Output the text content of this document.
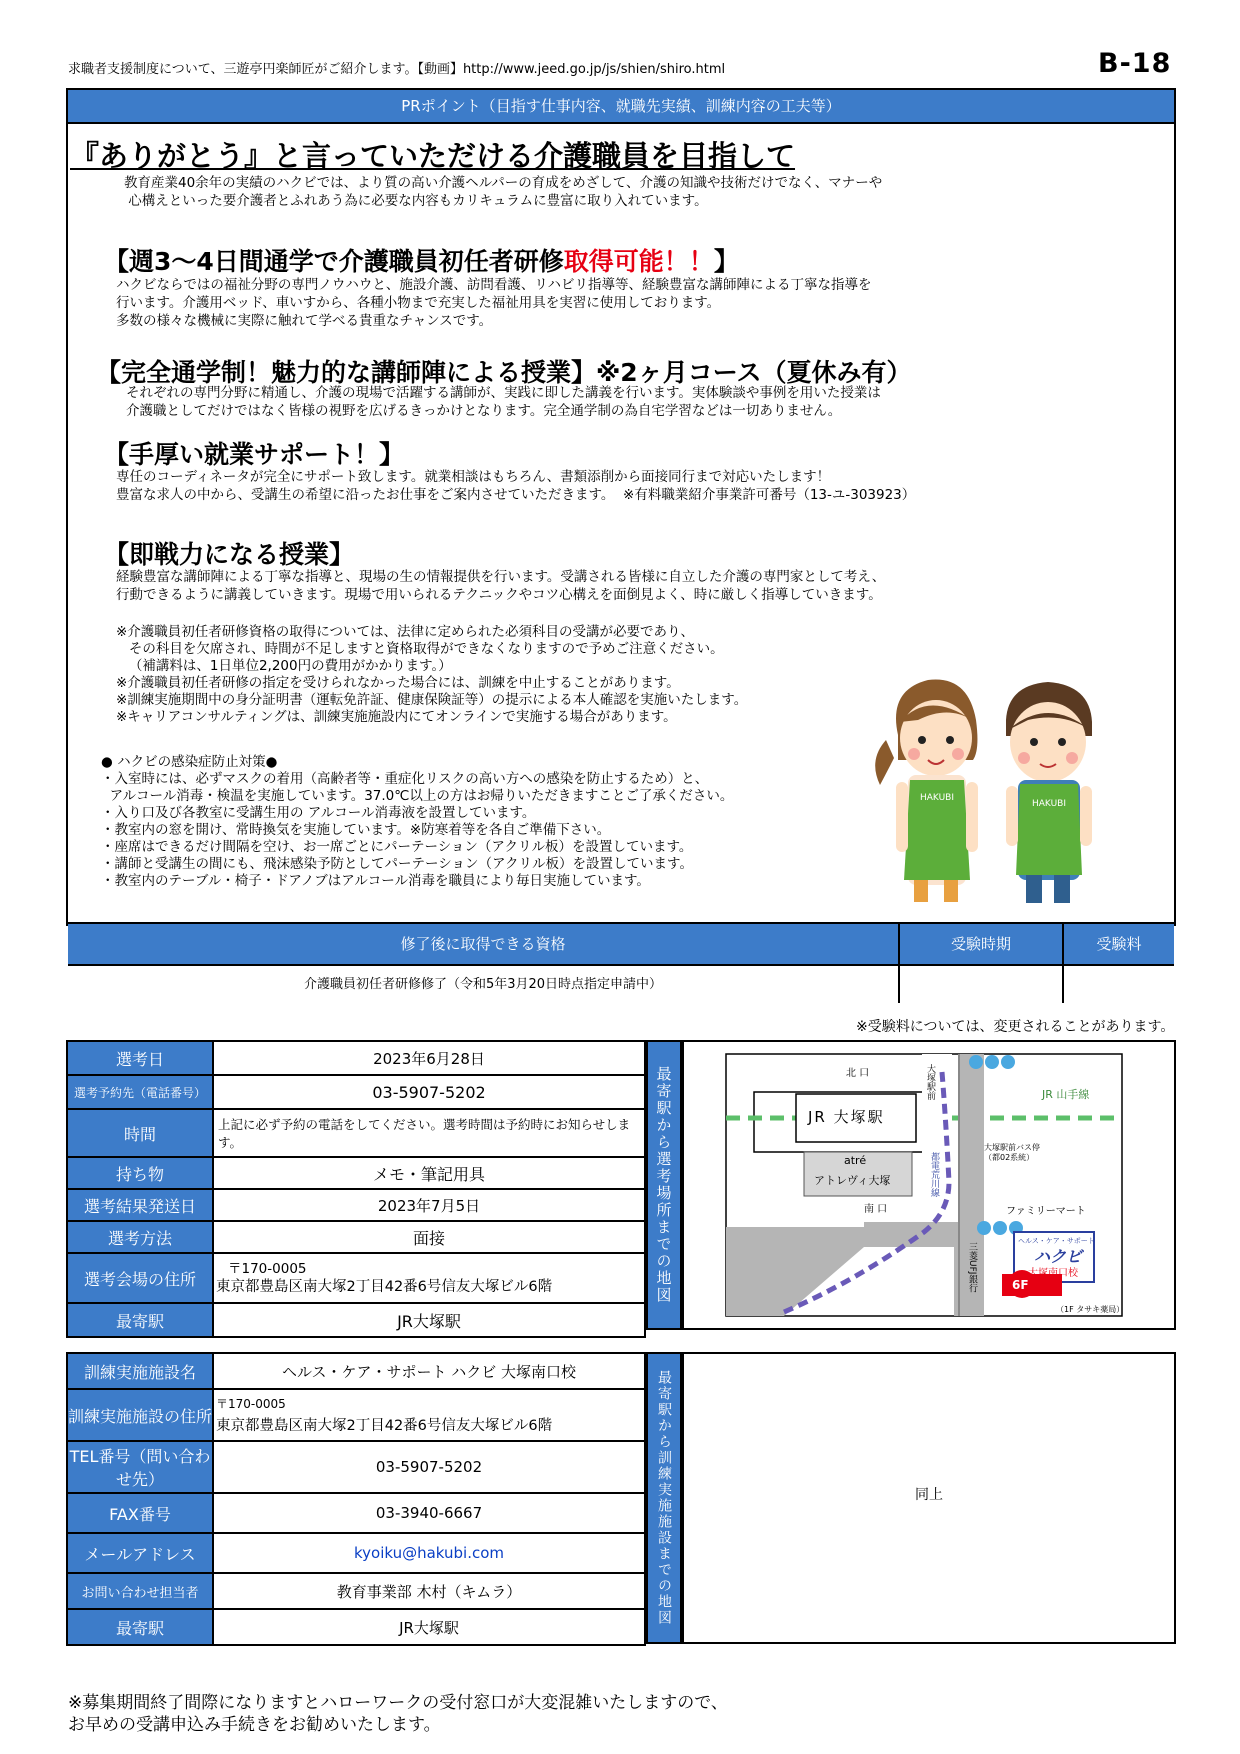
求職者支援制度について、三遊亭円楽師匠がご紹介します。【動画】http://www.jeed.go.jp/js/shien/shiro.html	B-18
PRポイント（目指す仕事内容、就職先実績、訓練内容の工夫等）
『ありがとう』と言っていただける介護職員を目指して
教育産業40余年の実績のハクビでは、より質の高い介護ヘルパーの育成をめざして、介護の知識や技術だけでなく、マナーや
心構えといった要介護者とふれあう為に必要な内容もカリキュラムに豊富に取り入れています。
【週3～4日間通学で介護職員初任者研修取得可能！！】
ハクビならではの福祉分野の専門ノウハウと、施設介護、訪問看護、リハビリ指導等、経験豊富な講師陣による丁寧な指導を
行います。介護用ベッド、車いすから、各種小物まで充実した福祉用具を実習に使用しております。
多数の様々な機械に実際に触れて学べる貴重なチャンスです。
【完全通学制！魅力的な講師陣による授業】※2ヶ月コース（夏休み有）
それぞれの専門分野に精通し、介護の現場で活躍する講師が、実践に即した講義を行います。実体験談や事例を用いた授業は
介護職としてだけではなく皆様の視野を広げるきっかけとなります。完全通学制の為自宅学習などは一切ありません。
【手厚い就業サポート！】
専任のコーディネータが完全にサポート致します。就業相談はもちろん、書類添削から面接同行まで対応いたします！
豊富な求人の中から、受講生の希望に沿ったお仕事をご案内させていただきます。  ※有料職業紹介事業許可番号（13-ユ-303923）
【即戦力になる授業】
経験豊富な講師陣による丁寧な指導と、現場の生の情報提供を行います。受講される皆様に自立した介護の専門家として考え、
行動できるように講義していきます。現場で用いられるテクニックやコツ心構えを面倒見よく、時に厳しく指導していきます。
※介護職員初任者研修資格の取得については、法律に定められた必須科目の受講が必要であり、
その科目を欠席され、時間が不足しますと資格取得ができなくなりますので予めご注意ください。
（補講料は、1日単位2,200円の費用がかかります。）
※介護職員初任者研修の指定を受けられなかった場合には、訓練を中止することがあります。
※訓練実施期間中の身分証明書（運転免許証、健康保険証等）の提示による本人確認を実施いたします。
※キャリアコンサルティングは、訓練実施施設内にてオンラインで実施する場合があります。
● ハクビの感染症防止対策●
・入室時には、必ずマスクの着用（高齢者等・重症化リスクの高い方への感染を防止するため）と、
アルコール消毒・検温を実施しています。37.0℃以上の方はお帰りいただきますことご了承ください。
・入り口及び各教室に受講生用の アルコール消毒液を設置しています。
・教室内の窓を開け、常時換気を実施しています。※防寒着等を各自ご準備下さい。
・座席はできるだけ間隔を空け、お一席ごとにパーテーション（アクリル板）を設置しています。
・講師と受講生の間にも、飛沫感染予防としてパーテーション（アクリル板）を設置しています。
・教室内のテーブル・椅子・ドアノブはアルコール消毒を職員により毎日実施しています。
HAKUBI
HAKUBI
修了後に取得できる資格	受験時期	受験料
介護職員初任者研修修了（令和5年3月20日時点指定申請中）
※受験料については、変更されることがあります。
選考日	2023年6月28日
選考予約先（電話番号）	03-5907-5202
時間	上記に必ず予約の電話をしてください。選考時間は予約時にお知らせします。
持ち物	メモ・筆記用具
選考結果発送日	2023年7月5日
選考方法	面接
選考会場の住所	〒170-0005
東京都豊島区南大塚2丁目42番6号信友大塚ビル6階

最寄駅	JR大塚駅
最寄駅から選考場所までの地図	北 口	大塚駅前	JR 山手線
JR 大塚駅
atré
アトレヴィ大塚	都電荒川線
大塚駅前バス停
（都02系統）
南 口	ファミリーマート
三菱UFJ銀行
ヘルス・ケア・サポート
ハクビ
大塚南口校
6F
（1F タサキ薬局）
訓練実施施設名	ヘルス・ケア・サポート ハクビ 大塚南口校
訓練実施施設の住所	〒170-0005
東京都豊島区南大塚2丁目42番6号信友大塚ビル6階

TEL番号（問い合わせ先）	03-5907-5202
FAX番号	03-3940-6667
メールアドレス	kyoiku@hakubi.com
お問い合わせ担当者	教育事業部 木村（キムラ）
最寄駅	JR大塚駅
最寄駅から訓練実施施設までの地図	同上
※募集期間終了間際になりますとハローワークの受付窓口が大変混雑いたしますので、
お早めの受講申込み手続きをお勧めいたします。
